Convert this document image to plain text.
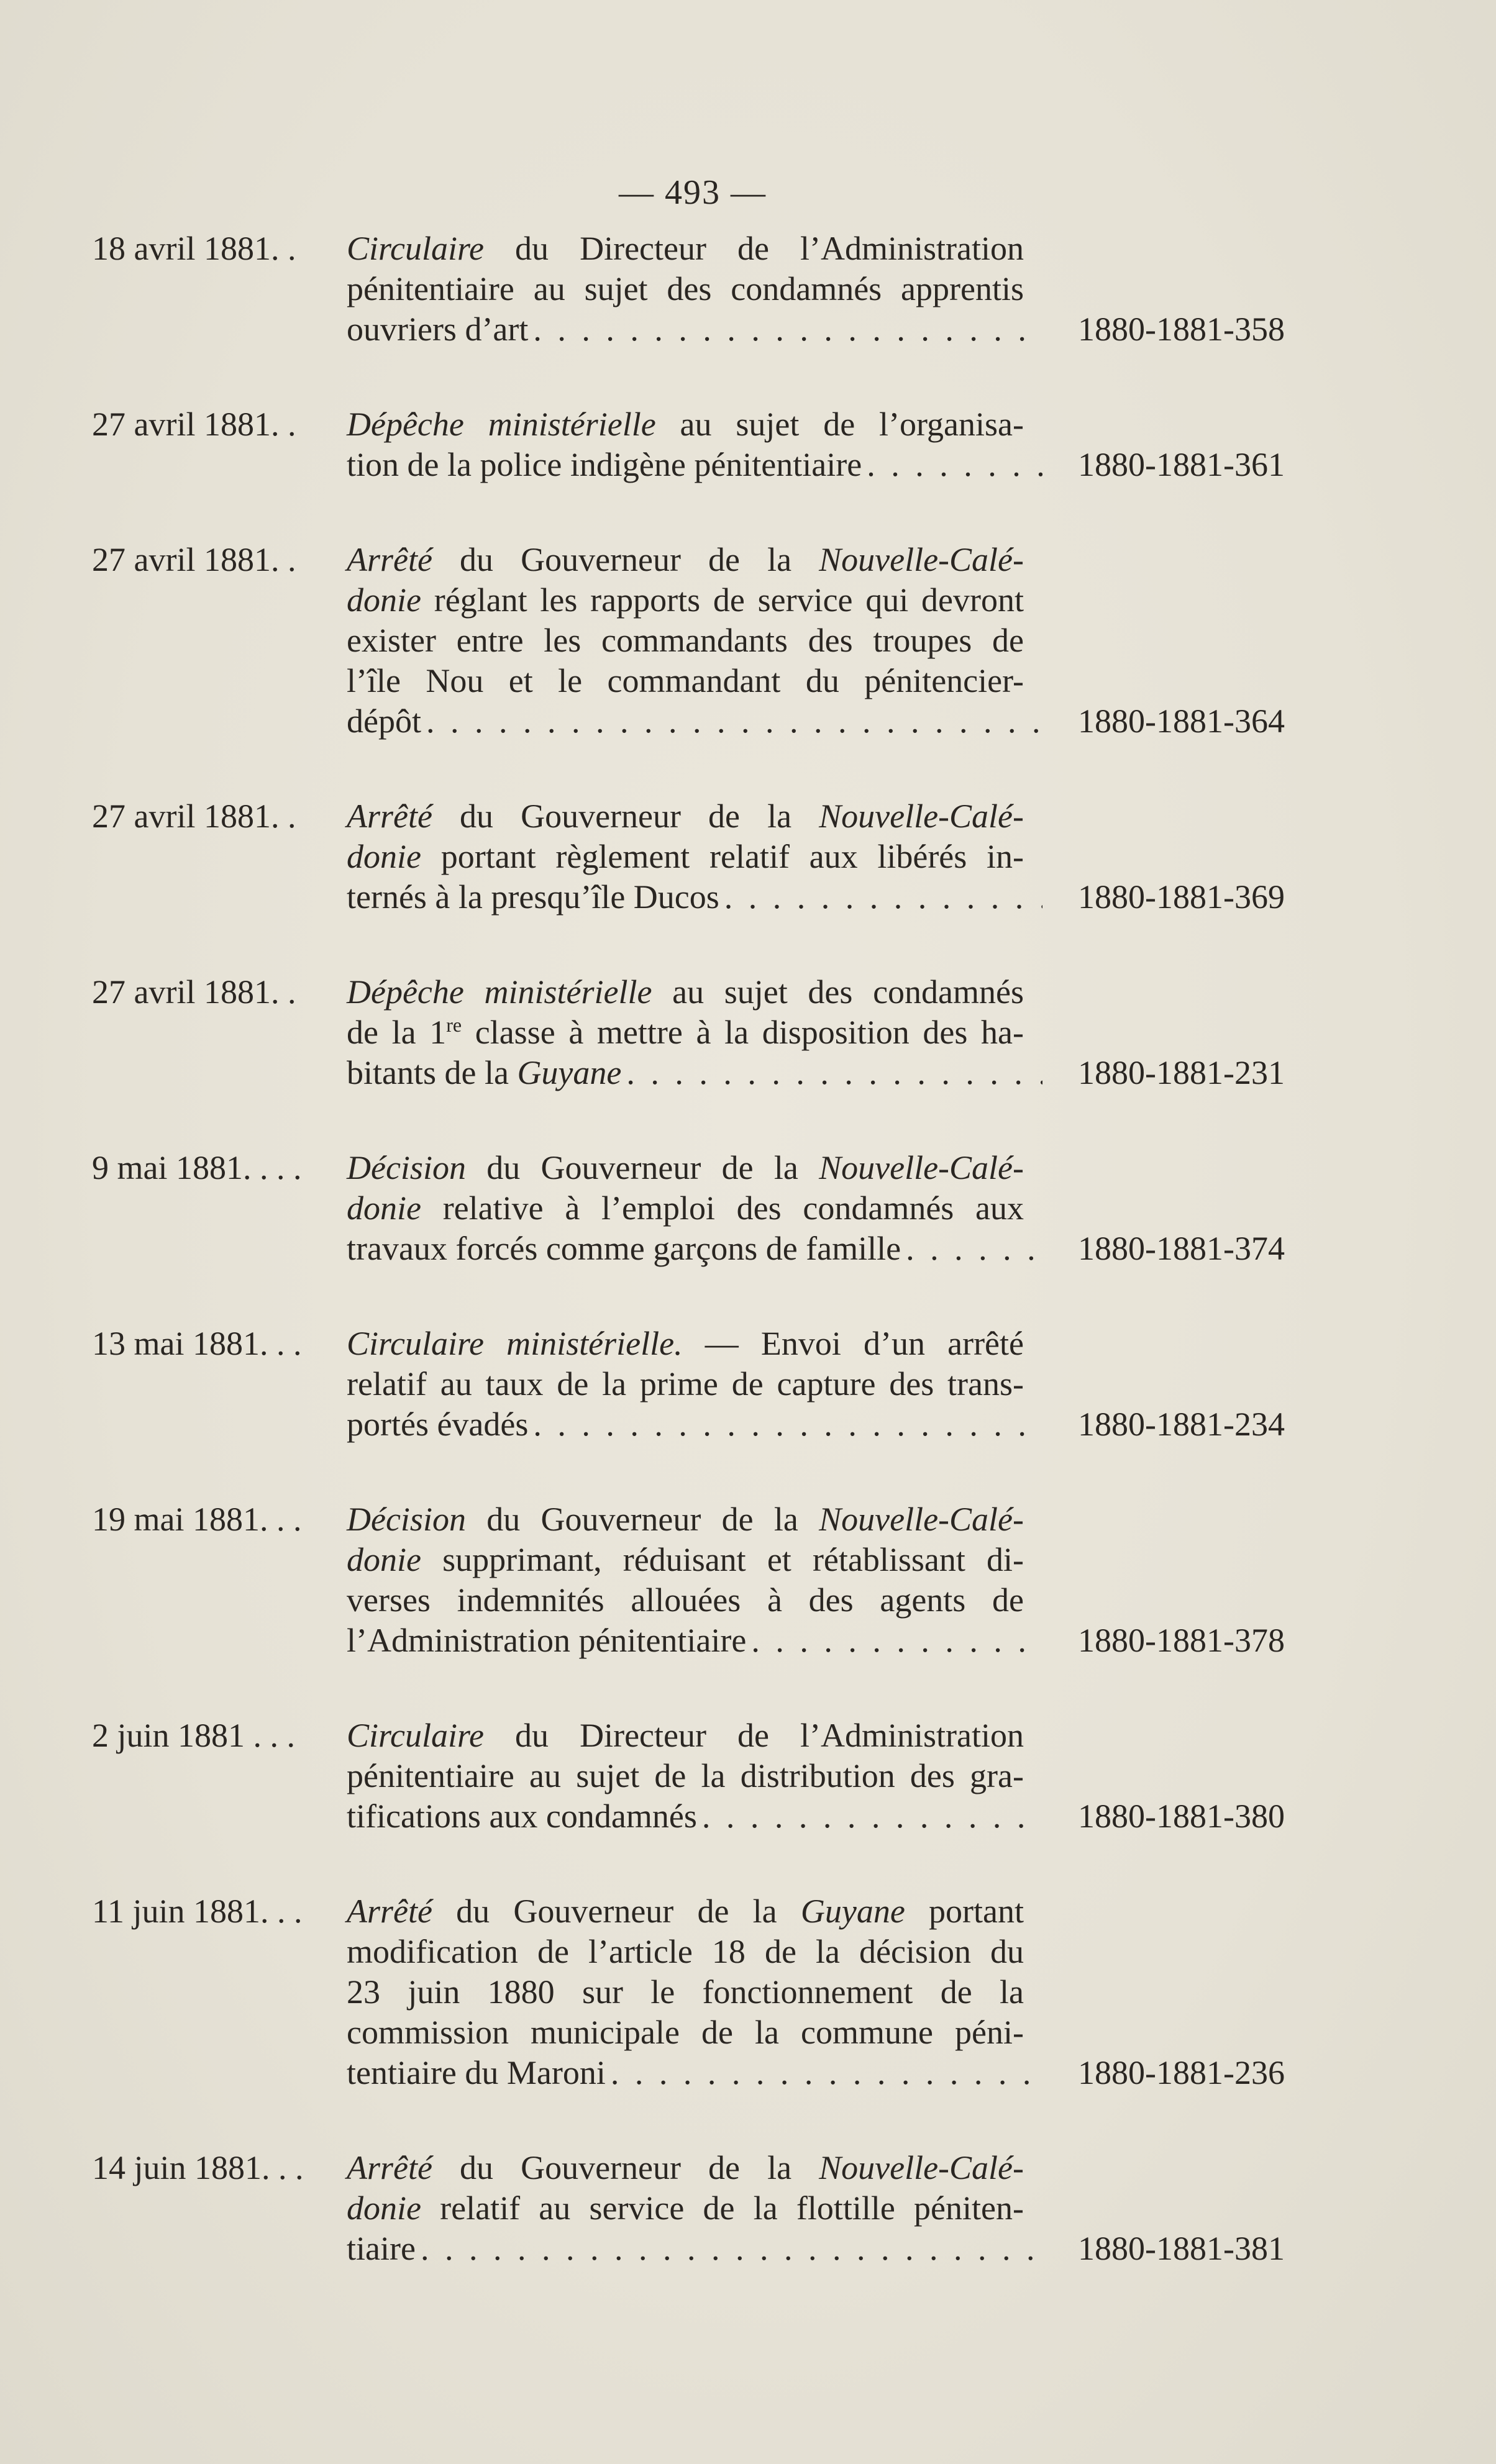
— 493 —
18 avril 1881. .	Circulaire du Directeur de l’Administration
pénitentiaire au sujet des condamnés apprentis
ouvriers d’art . . .	1880-1881-358
27 avril 1881. .	Dépêche ministérielle au sujet de l’organisa-
tion de la police indigène pénitentiaire . . .	1880-1881-361
27 avril 1881. .	Arrêté du Gouverneur de la Nouvelle-Calé-
donie réglant les rapports de service qui devront
exister entre les commandants des troupes de
l’île Nou et le commandant du pénitencier-
dépôt . . .	1880-1881-364
27 avril 1881. .	Arrêté du Gouverneur de la Nouvelle-Calé-
donie portant règlement relatif aux libérés in-
ternés à la presqu’île Ducos . . .	1880-1881-369
27 avril 1881. .	Dépêche ministérielle au sujet des condamnés
de la 1re classe à mettre à la disposition des ha-
bitants de la Guyane . . .	1880-1881-231
9 mai 1881. . . .	Décision du Gouverneur de la Nouvelle-Calé-
donie relative à l’emploi des condamnés aux
travaux forcés comme garçons de famille . . .	1880-1881-374
13 mai 1881. . .	Circulaire ministérielle. — Envoi d’un arrêté
relatif au taux de la prime de capture des trans-
portés évadés . . .	1880-1881-234
19 mai 1881. . .	Décision du Gouverneur de la Nouvelle-Calé-
donie supprimant, réduisant et rétablissant di-
verses indemnités allouées à des agents de
l’Administration pénitentiaire . . .	1880-1881-378
2 juin 1881 . . .	Circulaire du Directeur de l’Administration
pénitentiaire au sujet de la distribution des gra-
tifications aux condamnés . . .	1880-1881-380
11 juin 1881. . .	Arrêté du Gouverneur de la Guyane portant
modification de l’article 18 de la décision du
23 juin 1880 sur le fonctionnement de la
commission municipale de la commune péni-
tentiaire du Maroni . . .	1880-1881-236
14 juin 1881. . .	Arrêté du Gouverneur de la Nouvelle-Calé-
donie relatif au service de la flottille péniten-
tiaire . . .	1880-1881-381
